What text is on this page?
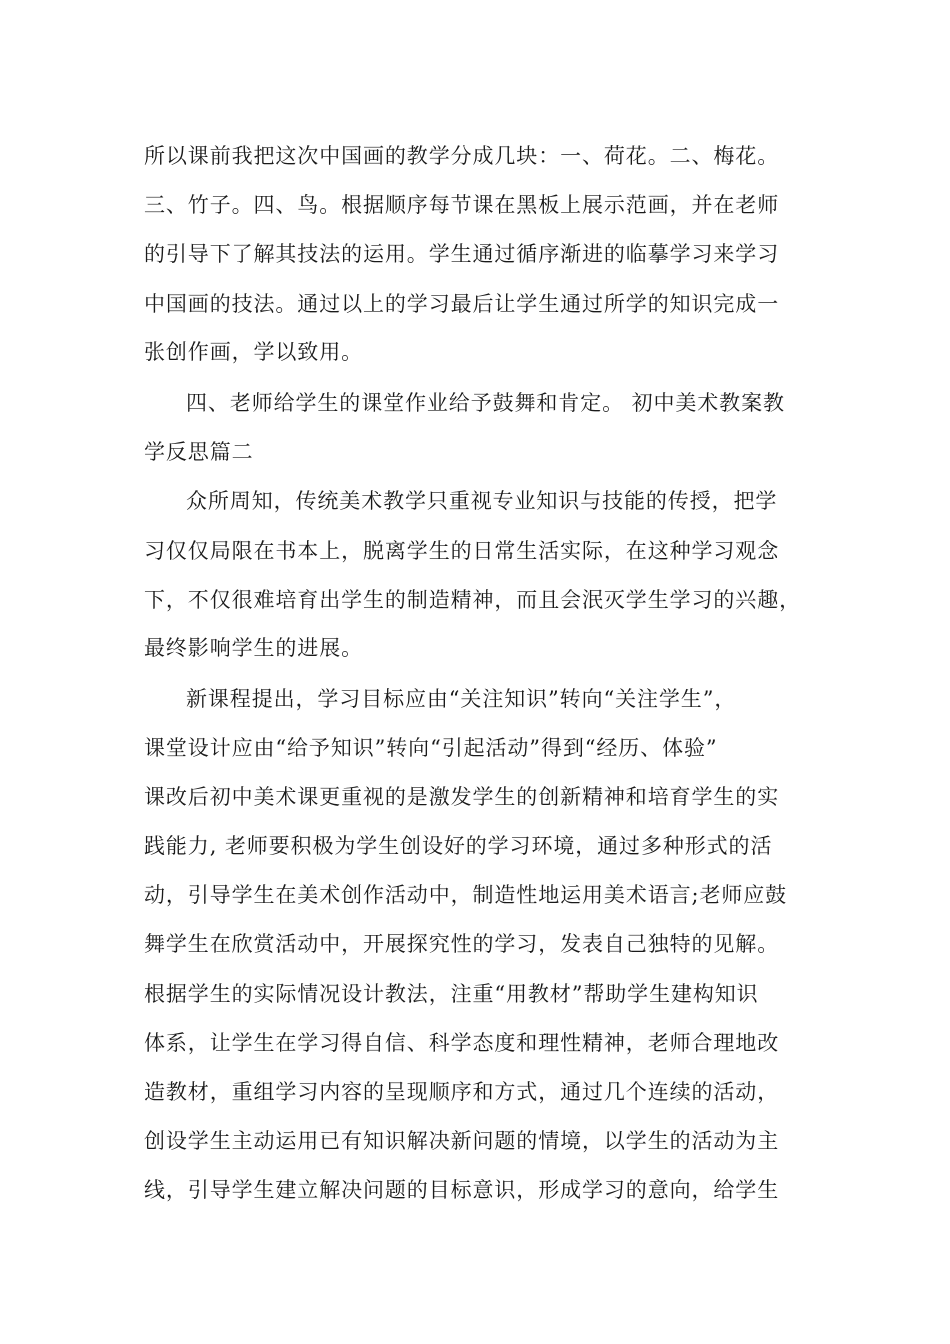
所以课前我把这次中国画的教学分成几块：一、荷花。二、梅花。
三、竹子。四、鸟。根据顺序每节课在黑板上展示范画，并在老师
的引导下了解其技法的运用。学生通过循序渐进的临摹学习来学习
中国画的技法。通过以上的学习最后让学生通过所学的知识完成一
张创作画，学以致用。
四、老师给学生的课堂作业给予鼓舞和肯定。 初中美术教案教
学反思篇二
众所周知，传统美术教学只重视专业知识与技能的传授，把学
习仅仅局限在书本上，脱离学生的日常生活实际，在这种学习观念
下，不仅很难培育出学生的制造精神，而且会泯灭学生学习的兴趣，
最终影响学生的进展。
新课程提出，学习目标应由“关注知识”转向“关注学生”，
课堂设计应由“给予知识”转向“引起活动”得到“经历、体验”
课改后初中美术课更重视的是激发学生的创新精神和培育学生的实
践能力, 老师要积极为学生创设好的学习环境，通过多种形式的活
动，引导学生在美术创作活动中，制造性地运用美术语言;老师应鼓
舞学生在欣赏活动中，开展探究性的学习，发表自己独特的见解。
根据学生的实际情况设计教法，注重“用教材”帮助学生建构知识
体系，让学生在学习得自信、科学态度和理性精神，老师合理地改
造教材，重组学习内容的呈现顺序和方式，通过几个连续的活动，
创设学生主动运用已有知识解决新问题的情境，以学生的活动为主
线，引导学生建立解决问题的目标意识，形成学习的意向，给学生
